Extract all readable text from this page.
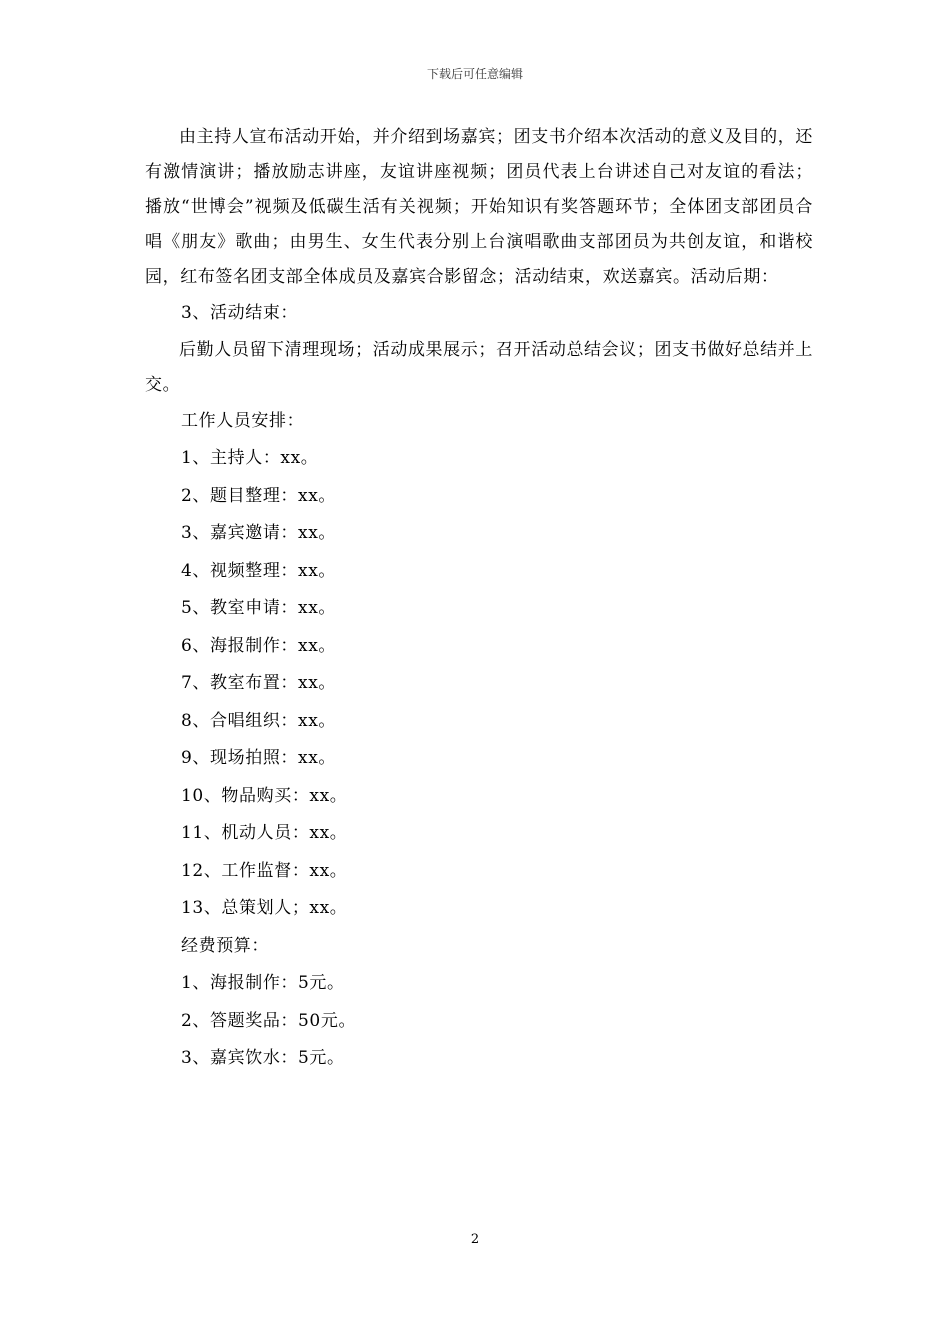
下载后可任意编辑

由主持人宣布活动开始，并介绍到场嘉宾；团支书介绍本次活动的意义及目的，还有激情演讲；播放励志讲座，友谊讲座视频；团员代表上台讲述自己对友谊的看法；播放“世博会”视频及低碳生活有关视频；开始知识有奖答题环节；全体团支部团员合唱《朋友》歌曲；由男生、女生代表分别上台演唱歌曲支部团员为共创友谊，和谐校园，红布签名团支部全体成员及嘉宾合影留念；活动结束，欢送嘉宾。活动后期：

3、活动结束：

后勤人员留下清理现场；活动成果展示；召开活动总结会议；团支书做好总结并上交。

工作人员安排：

1、主持人：xx。

2、题目整理：xx。

3、嘉宾邀请：xx。

4、视频整理：xx。

5、教室申请：xx。

6、海报制作：xx。

7、教室布置：xx。

8、合唱组织：xx。

9、现场拍照：xx。

10、物品购买：xx。

11、机动人员：xx。

12、工作监督：xx。

13、总策划人；xx。

经费预算：

1、海报制作：5元。

2、答题奖品：50元。

3、嘉宾饮水：5元。

2
